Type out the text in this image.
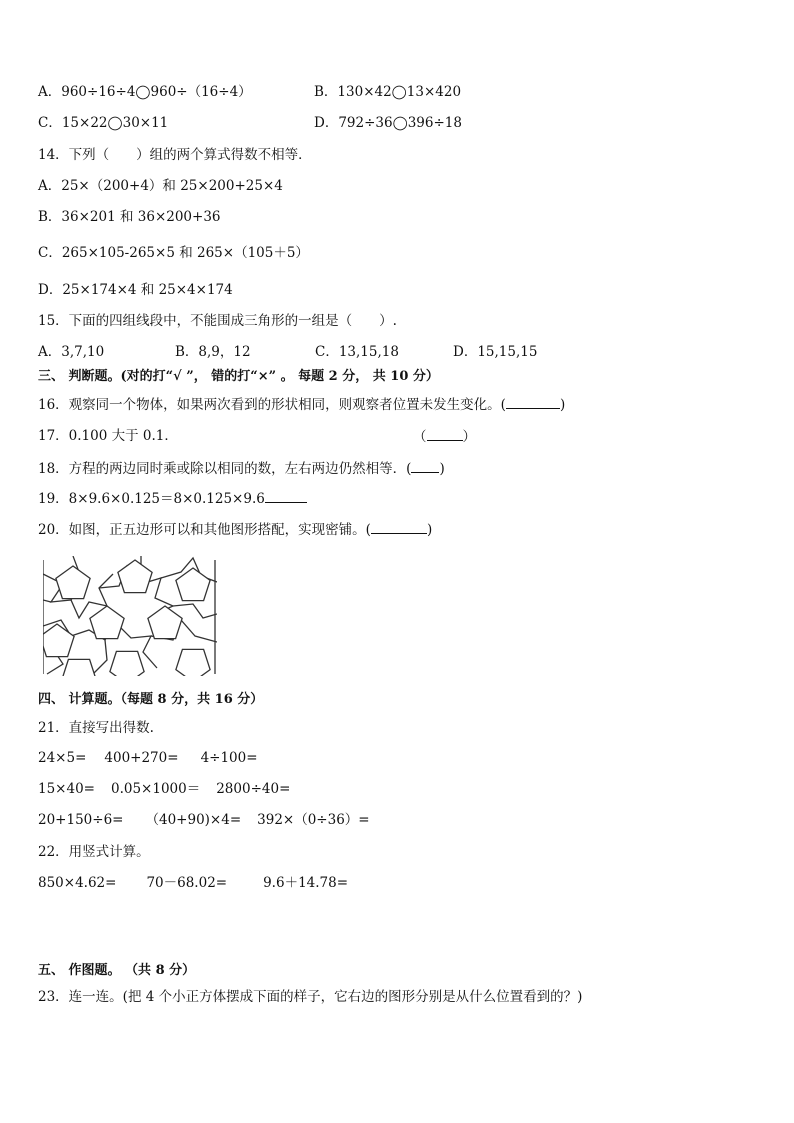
A．960÷16÷4◯960÷（16÷4）	B．130×42◯13×420
C．15×22◯30×11	D．792÷36◯396÷18
14．下列（　　）组的两个算式得数不相等．
A．25×（200+4）和 25×200+25×4
B．36×201 和 36×200+36
C．265×105-265×5 和 265×（105＋5）
D．25×174×4 和 25×4×174
15．下面的四组线段中，不能围成三角形的一组是（　　）.
A．3,7,10	B．8,9，12	C．13,15,18	D．15,15,15
三、 判断题。(对的打“√ ”， 错的打“×” 。 每题 2 分， 共 10 分）
16．观察同一个物体，如果两次看到的形状相同，则观察者位置未发生变化。(	)
17．0.100 大于 0.1．	（	）
18．方程的两边同时乘或除以相同的数，左右两边仍然相等．( )
19．8×9.6×0.125＝8×0.125×9.6
20．如图，正五边形可以和其他图形搭配，实现密铺。(	)
四、 计算题。（每题 8 分，共 16 分）
21．直接写出得数.
24×5= 400+270= 4÷100=
15×40= 0.05×1000＝ 2800÷40=
20+150÷6= （40+90)×4= 392×（0÷36）=
22．用竖式计算。
850×4.62= 70－68.02=	9.6＋14.78=
五、 作图题。 （共 8 分）
23．连一连。(把 4 个小正方体摆成下面的样子，它右边的图形分别是从什么位置看到的？)
